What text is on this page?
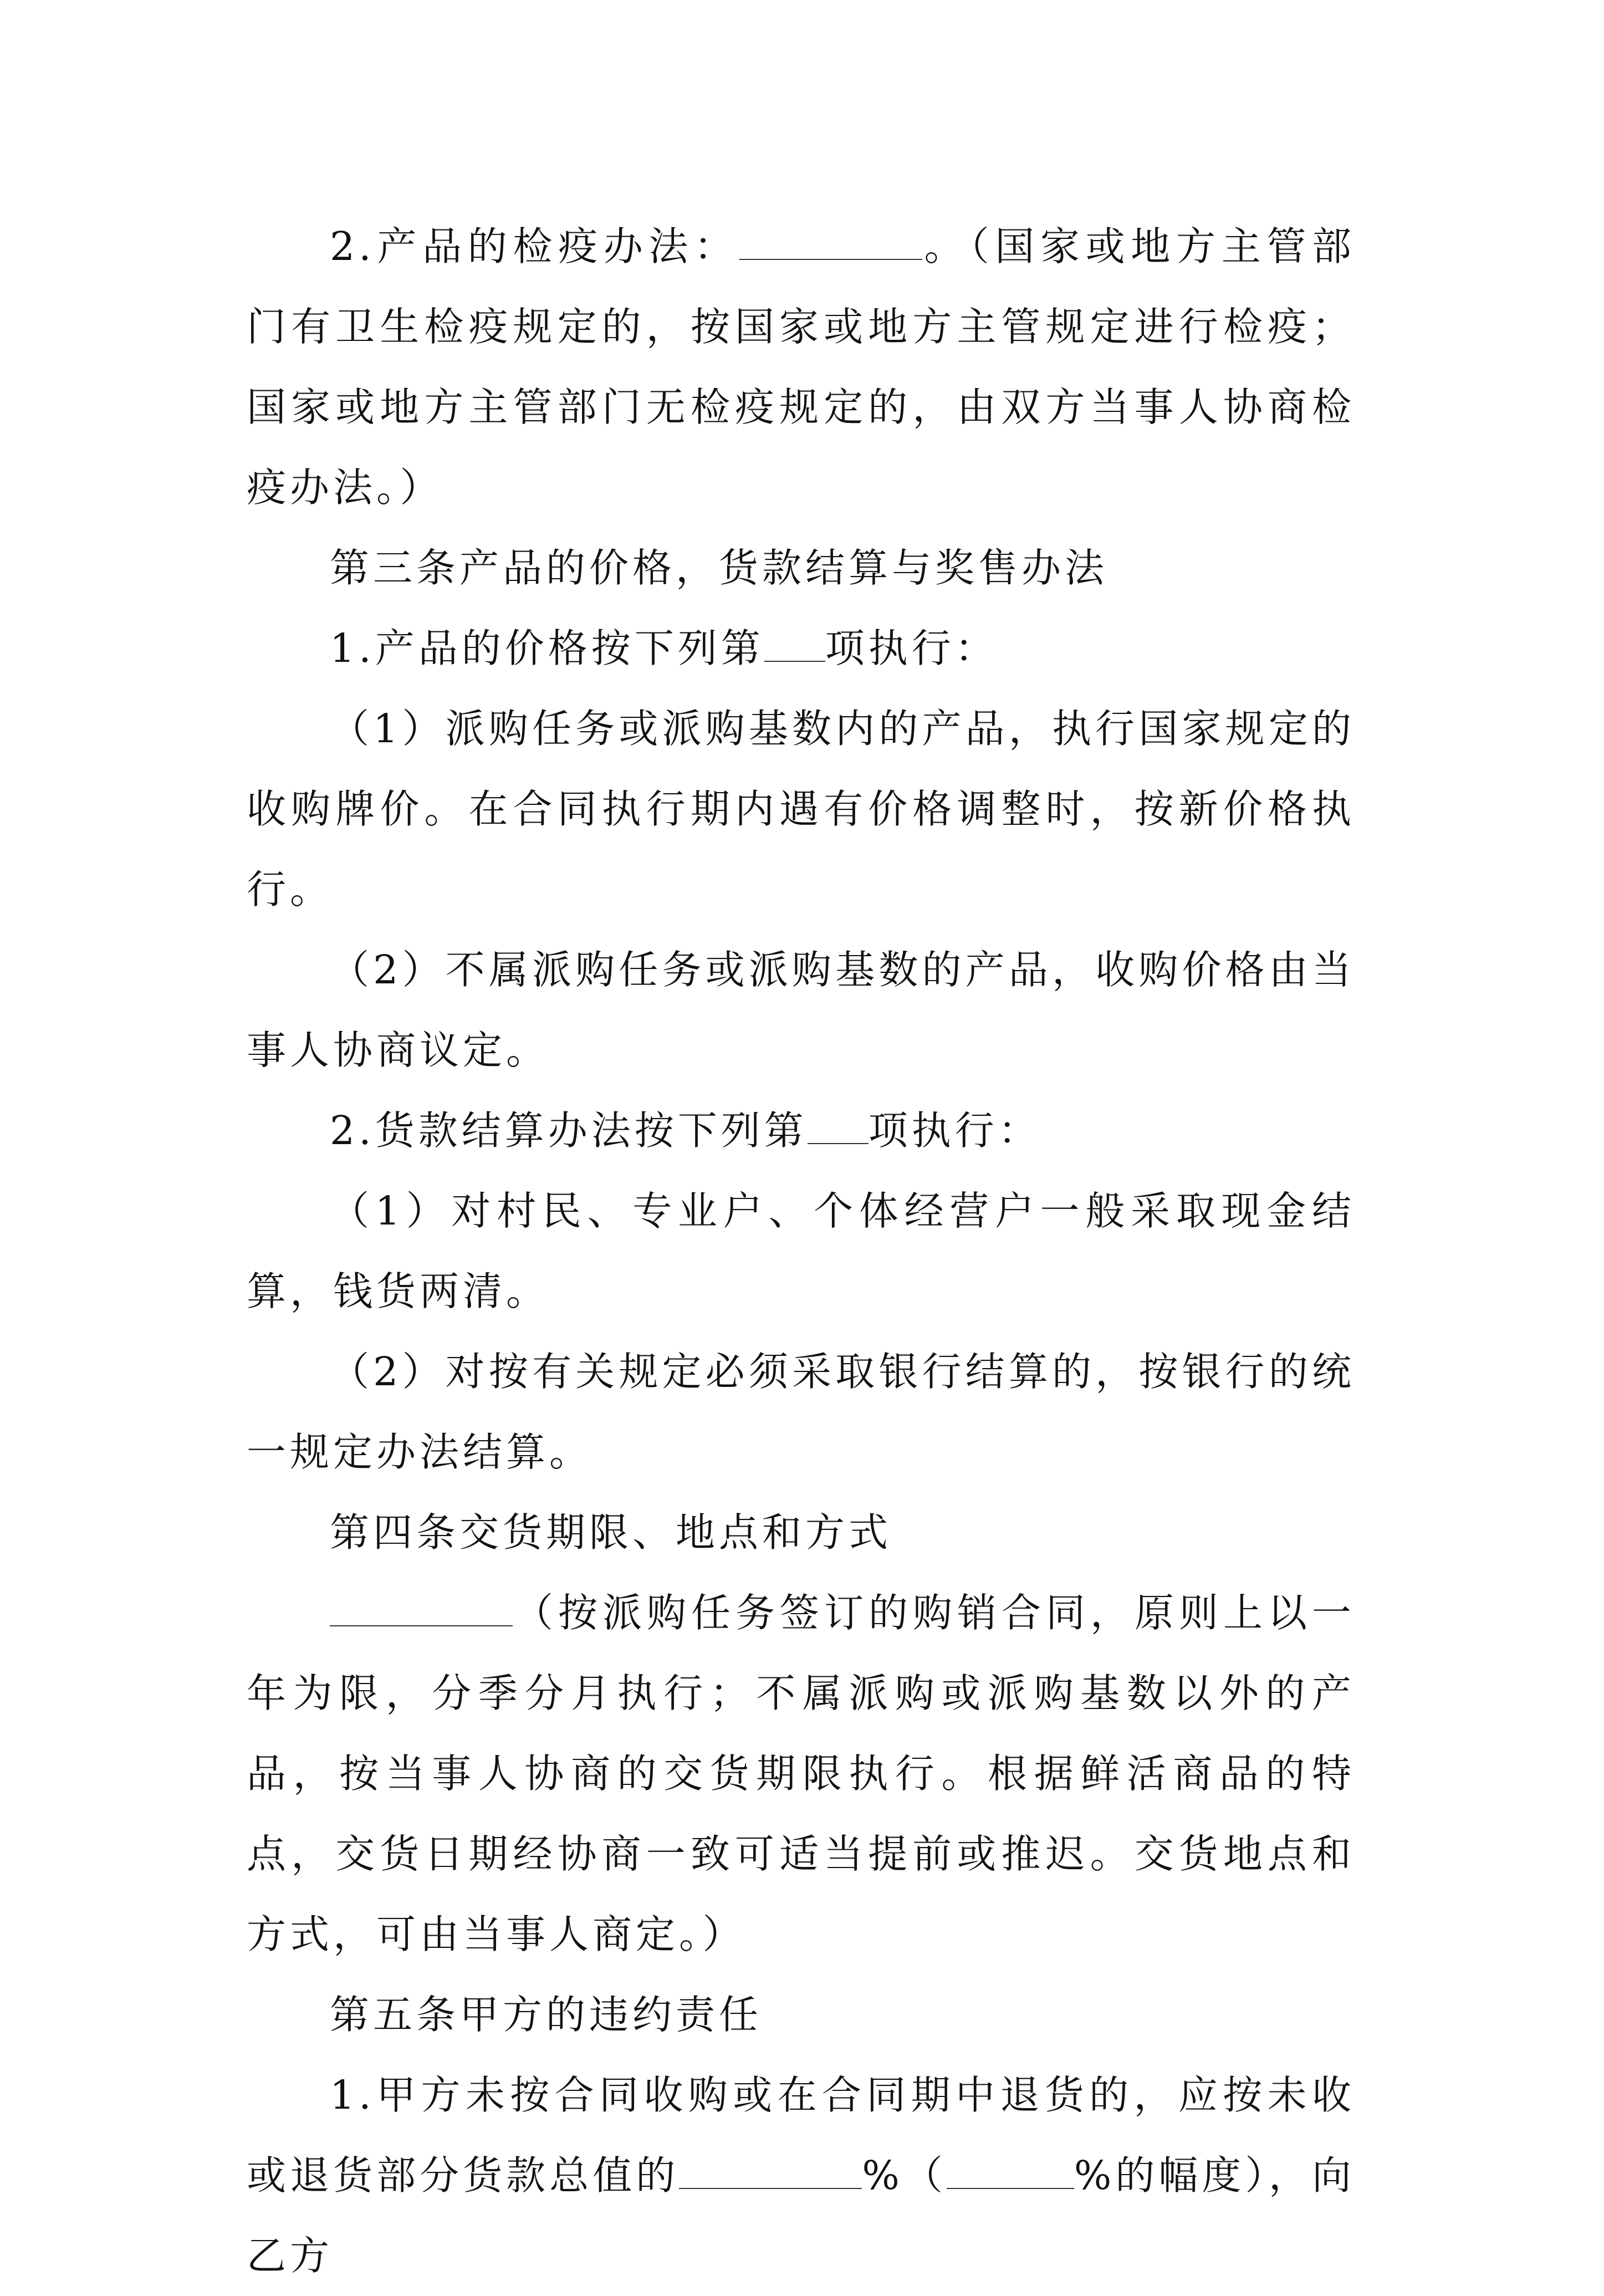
2.产品的检疫办法：	。（国家或地方主管部门有卫生检疫规定的，按国家或地方主管规定进行检疫；国家或地方主管部门无检疫规定的，由双方当事人协商检疫办法。）

第三条产品的价格，货款结算与奖售办法

1.产品的价格按下列第 项执行：

（1）派购任务或派购基数内的产品，执行国家规定的收购牌价。在合同执行期内遇有价格调整时，按新价格执行。

（2）不属派购任务或派购基数的产品，收购价格由当事人协商议定。

2.货款结算办法按下列第 项执行：

（1）对村民、专业户、个体经营户一般采取现金结算，钱货两清。

（2）对按有关规定必须采取银行结算的，按银行的统一规定办法结算。

第四条交货期限、地点和方式

（按派购任务签订的购销合同，原则上以一年为限，分季分月执行；不属派购或派购基数以外的产品，按当事人协商的交货期限执行。根据鲜活商品的特点，交货日期经协商一致可适当提前或推迟。交货地点和方式，可由当事人商定。）

第五条甲方的违约责任

1.甲方未按合同收购或在合同期中退货的，应按未收或退货部分货款总值的	%（	%的幅度），向乙方
